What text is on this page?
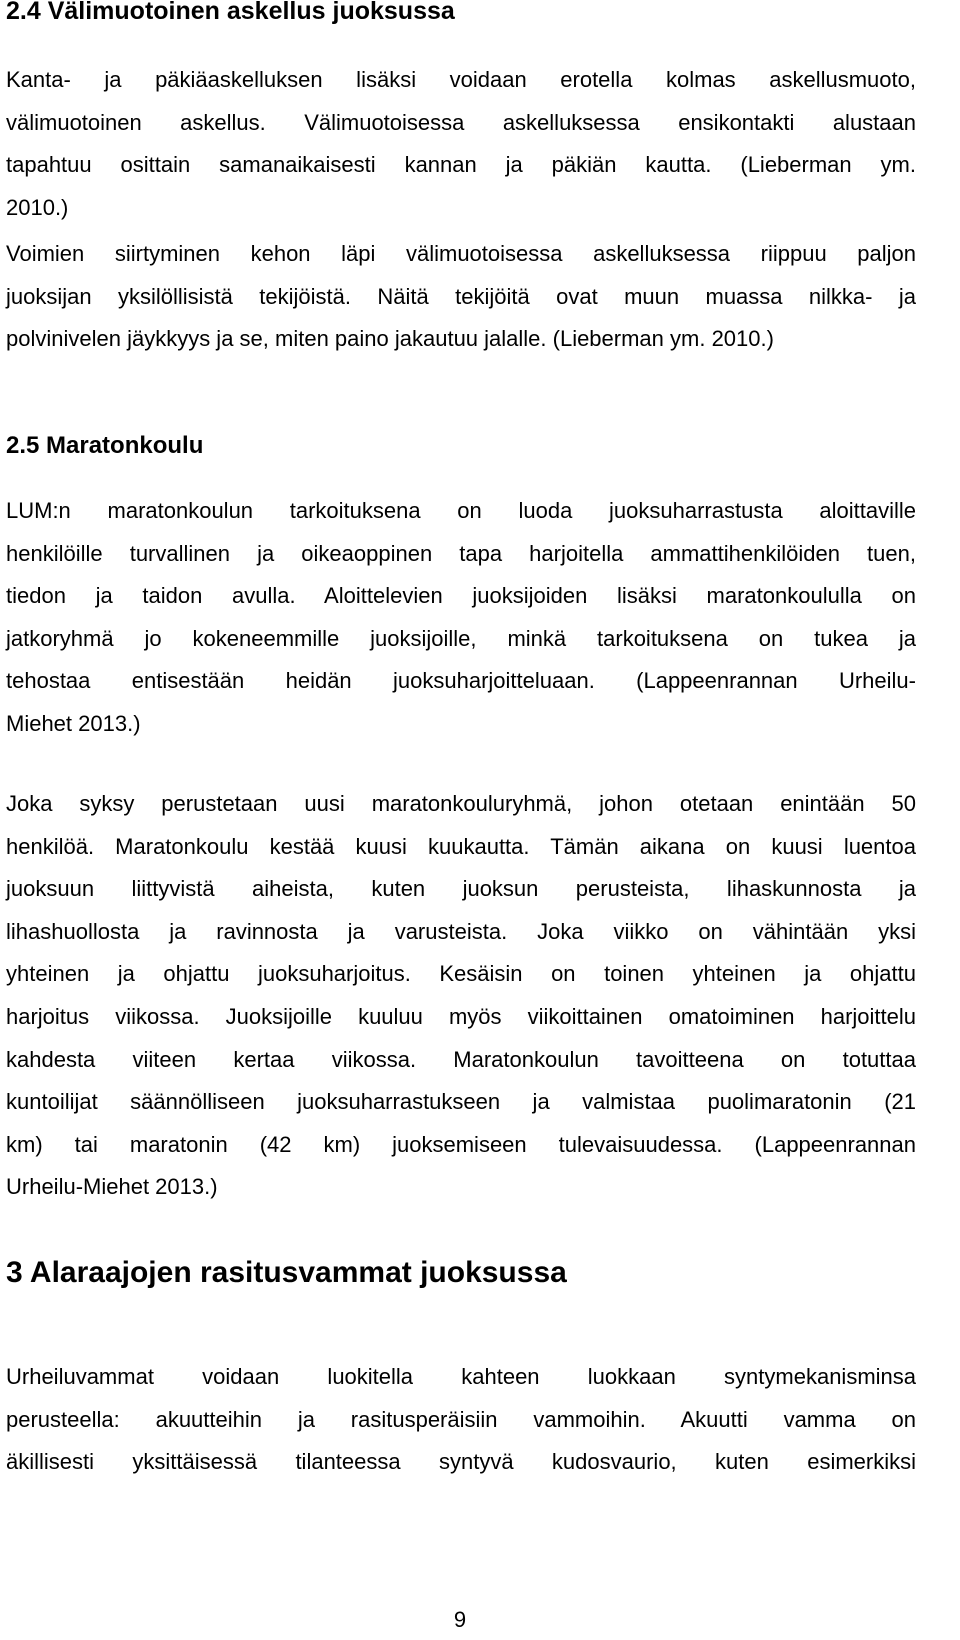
2.4 Välimuotoinen askellus juoksussa
Kanta- ja päkiäaskelluksen lisäksi voidaan erotella kolmas askellusmuoto,
välimuotoinen askellus. Välimuotoisessa askelluksessa ensikontakti alustaan
tapahtuu osittain samanaikaisesti kannan ja päkiän kautta. (Lieberman ym.
2010.)
Voimien siirtyminen kehon läpi välimuotoisessa askelluksessa riippuu paljon
juoksijan yksilöllisistä tekijöistä. Näitä tekijöitä ovat muun muassa nilkka- ja
polvinivelen jäykkyys ja se, miten paino jakautuu jalalle. (Lieberman ym. 2010.)
2.5 Maratonkoulu
LUM:n maratonkoulun tarkoituksena on luoda juoksuharrastusta aloittaville
henkilöille turvallinen ja oikeaoppinen tapa harjoitella ammattihenkilöiden tuen,
tiedon ja taidon avulla. Aloittelevien juoksijoiden lisäksi maratonkoululla on
jatkoryhmä jo kokeneemmille juoksijoille, minkä tarkoituksena on tukea ja
tehostaa entisestään heidän juoksuharjoitteluaan. (Lappeenrannan Urheilu-
Miehet 2013.)
Joka syksy perustetaan uusi maratonkouluryhmä, johon otetaan enintään 50
henkilöä. Maratonkoulu kestää kuusi kuukautta. Tämän aikana on kuusi luentoa
juoksuun liittyvistä aiheista, kuten juoksun perusteista, lihaskunnosta ja
lihashuollosta ja ravinnosta ja varusteista. Joka viikko on vähintään yksi
yhteinen ja ohjattu juoksuharjoitus. Kesäisin on toinen yhteinen ja ohjattu
harjoitus viikossa. Juoksijoille kuuluu myös viikoittainen omatoiminen harjoittelu
kahdesta viiteen kertaa viikossa. Maratonkoulun tavoitteena on totuttaa
kuntoilijat säännölliseen juoksuharrastukseen ja valmistaa puolimaratonin (21
km) tai maratonin (42 km) juoksemiseen tulevaisuudessa. (Lappeenrannan
Urheilu-Miehet 2013.)
3 Alaraajojen rasitusvammat juoksussa
Urheiluvammat voidaan luokitella kahteen luokkaan syntymekanisminsa
perusteella: akuutteihin ja rasitusperäisiin vammoihin. Akuutti vamma on
äkillisesti yksittäisessä tilanteessa syntyvä kudosvaurio, kuten esimerkiksi
9
